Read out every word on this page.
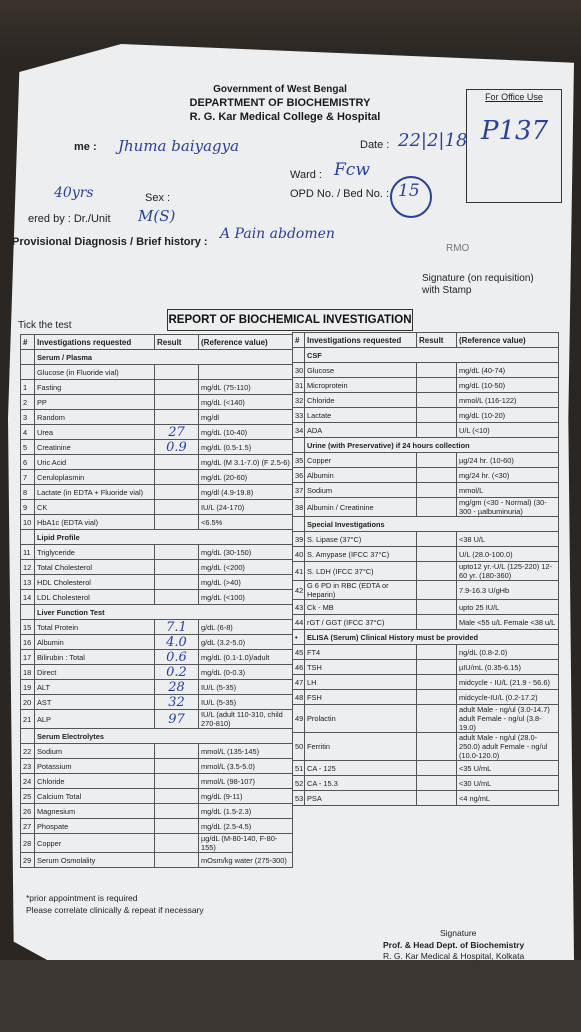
Government of West Bengal
DEPARTMENT OF BIOCHEMISTRY
R. G. Kar Medical College & Hospital
For Office Use
P137
me : Jhuma baiyagya	Date : 22|2|18
Ward : Fcw
40yrs	Sex :	OPD No. / Bed No. : 15
ered by : Dr./Unit M(S)
Provisional Diagnosis / Brief history : A Pain abdomen
RMO
Signature (on requisition)
with Stamp
Tick the test	REPORT OF BIOCHEMICAL INVESTIGATION
#	Investigations requested	Result	(Reference value)
	Serum / Plasma		
	Glucose (in Fluoride vial)		
1	Fasting		mg/dL (75-110)
2	PP		mg/dL (<140)
3	Random		mg/dl
4	Urea	27	mg/dL (10-40)
5	Creatinine	0.9	mg/dL (0.5-1.5)
6	Uric Acid		mg/dL (M 3.1-7.0) (F 2.5-6)
7	Ceruloplasmin		mg/dL (20-60)
8	Lactate (in EDTA + Fluoride vial)		mg/dl (4.9-19.8)
9	CK		IU/L (24-170)
10	HbA1c (EDTA vial)		<6.5%
	Lipid Profile		
11	Triglyceride		mg/dL (30-150)
12	Total Cholesterol		mg/dL (<200)
13	HDL Cholesterol		mg/dL (>40)
14	LDL Cholesterol		mg/dL (<100)
	Liver Function Test		
15	Total Protein	7.1	g/dL (6-8)
16	Albumin	4.0	g/dL (3.2-5.0)
17	Bilirubin : Total	0.6	mg/dL (0.1-1.0)/adult
18	Direct	0.2	mg/dL (0-0.3)
19	ALT	28	IU/L (5-35)
20	AST	32	IU/L (5-35)
21	ALP	97	IU/L (adult 110-310, child 270-810)
	Serum Electrolytes		
22	Sodium		mmol/L (135-145)
23	Potassium		mmol/L (3.5-5.0)
24	Chloride		mmol/L (98-107)
25	Calcium Total		mg/dL (9-11)
26	Magnesium		mg/dL (1.5-2.3)
27	Phospate		mg/dL (2.5-4.5)
28	Copper		µg/dL (M-80-140, F-80-155)
29	Serum Osmolality		mOsm/kg water (275-300)
#	Investigations requested	Result	(Reference value)
	CSF		
30	Glucose		mg/dL (40-74)
31	Microprotein		mg/dL (10-50)
32	Chloride		mmol/L (116-122)
33	Lactate		mg/dL (10-20)
34	ADA		U/L (<10)
	Urine (with Preservative) if 24 hours collection		
35	Copper		µg/24 hr. (10-60)
36	Albumin		mg/24 hr. (<30)
37	Sodium		mmol/L
38	Albumin / Creatinine		mg/gm (<30 - Normal) (30-300 - µalbuminuria)
	Special Investigations		
39	S. Lipase (37°C)		<38 U/L
40	S. Amypase (IFCC 37°C)		U/L (28.0-100.0)
41	S. LDH (IFCC 37°C)		upto12 yr.-U/L (125-220) 12-60 yr. (180-360)
42	G 6 PD in RBC (EDTA or Heparin)		7.9-16.3 U/gHb
43	Ck - MB		upto 25 IU/L
44	rGT / GGT (IFCC 37°C)		Male <55 u/L Female <38 u/L
•	ELISA (Serum) Clinical History must be provided		
45	FT4		ng/dL (0.8-2.0)
46	TSH		µIU/mL (0.35-6.15)
47	LH		midcycle - IU/L (21.9 - 56.6)
48	FSH		midcycle-IU/L (0.2-17.2)
49	Prolactin		adult Male - ng/ul (3.0-14.7) adult Female - ng/ul (3.8-19.0)
50	Ferritin		adult Male - ng/ul (28.0-250.0) adult Female - ng/ul (10.0-120.0)
51	CA - 125		<35 U/mL
52	CA - 15.3		<30 U/mL
53	PSA		<4 ng/mL
*prior appointment is required
Please correlate clinically & repeat if necessary
Signature
Prof. & Head Dept. of Biochemistry
R. G. Kar Medical & Hospital, Kolkata
